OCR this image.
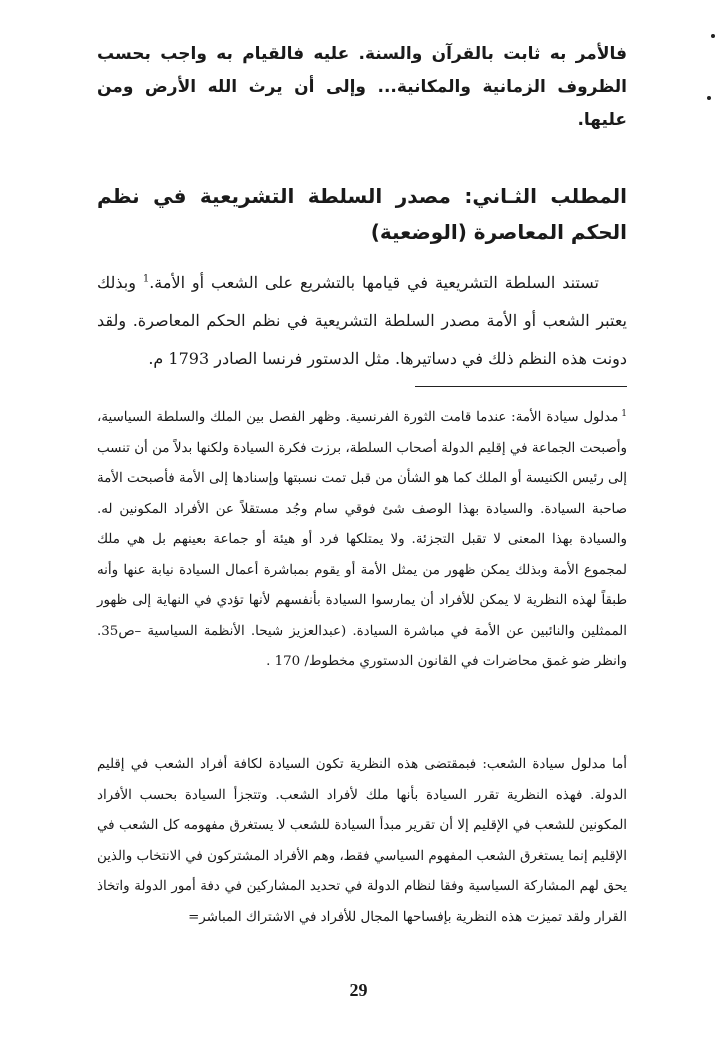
فالأمر به ثابت بالقرآن والسنة. عليه فالقيام به واجب بحسب الظروف الزمانية والمكانية... وإلى أن يرث الله الأرض ومن عليها.

المطلب الثـاني: مصدر السلطة التشريعية في نظم الحكم المعاصرة (الوضعية)

تستند السلطة التشريعية في قيامها بالتشريع على الشعب أو الأمة.$^1$ وبذلك يعتبر الشعب أو الأمة مصدر السلطة التشريعية في نظم الحكم المعاصرة. ولقد دونت هذه النظم ذلك في دساتيرها. مثل الدستور فرنسا الصادر 1793 م.

$^1$مدلول سيادة الأمة: عندما قامت الثورة الفرنسية. وظهر الفصل بين الملك والسلطة السياسية، وأصبحت الجماعة في إقليم الدولة أصحاب السلطة، برزت فكرة السيادة ولكنها بدلاً من أن تنسب إلى رئيس الكنيسة أو الملك كما هو الشأن من قبل تمت نسبتها وإسنادها إلى الأمة فأصبحت الأمة صاحبة السيادة. والسيادة بهذا الوصف شئ فوقي سام وجُد مستقلاً عن الأفراد المكونين له. والسيادة بهذا المعنى لا تقبل التجزئة. ولا يمتلكها فرد أو هيئة أو جماعة بعينهم بل هي ملك لمجموع الأمة وبذلك يمكن ظهور من يمثل الأمة أو يقوم بمباشرة أعمال السيادة نيابة عنها وأنه طبقاً لهذه النظرية لا يمكن للأفراد أن يمارسوا السيادة بأنفسهم لأنها تؤدي في النهاية إلى ظهور الممثلين والنائبين عن الأمة في مباشرة السيادة. (عبدالعزيز شيحا. الأنظمة السياسية –ص35. وانظر ضو غمق محاضرات في القانون الدستوري مخطوط/ 170 .

أما مدلول سيادة الشعب: فبمقتضى هذه النظرية تكون السيادة لكافة أفراد الشعب في إقليم الدولة. فهذه النظرية تقرر السيادة بأنها ملك لأفراد الشعب. وتتجزأ السيادة بحسب الأفراد المكونين للشعب في الإقليم إلا أن تقرير مبدأ السيادة للشعب لا يستغرق مفهومه كل الشعب في الإقليم إنما يستغرق الشعب المفهوم السياسي فقط، وهم الأفراد المشتركون في الانتخاب والذين يحق لهم المشاركة السياسية وفقا لنظام الدولة في تحديد المشاركين في دفة أمور الدولة واتخاذ القرار ولقد تميزت هذه النظرية بإفساحها المجال للأفراد في الاشتراك المباشر=

29
